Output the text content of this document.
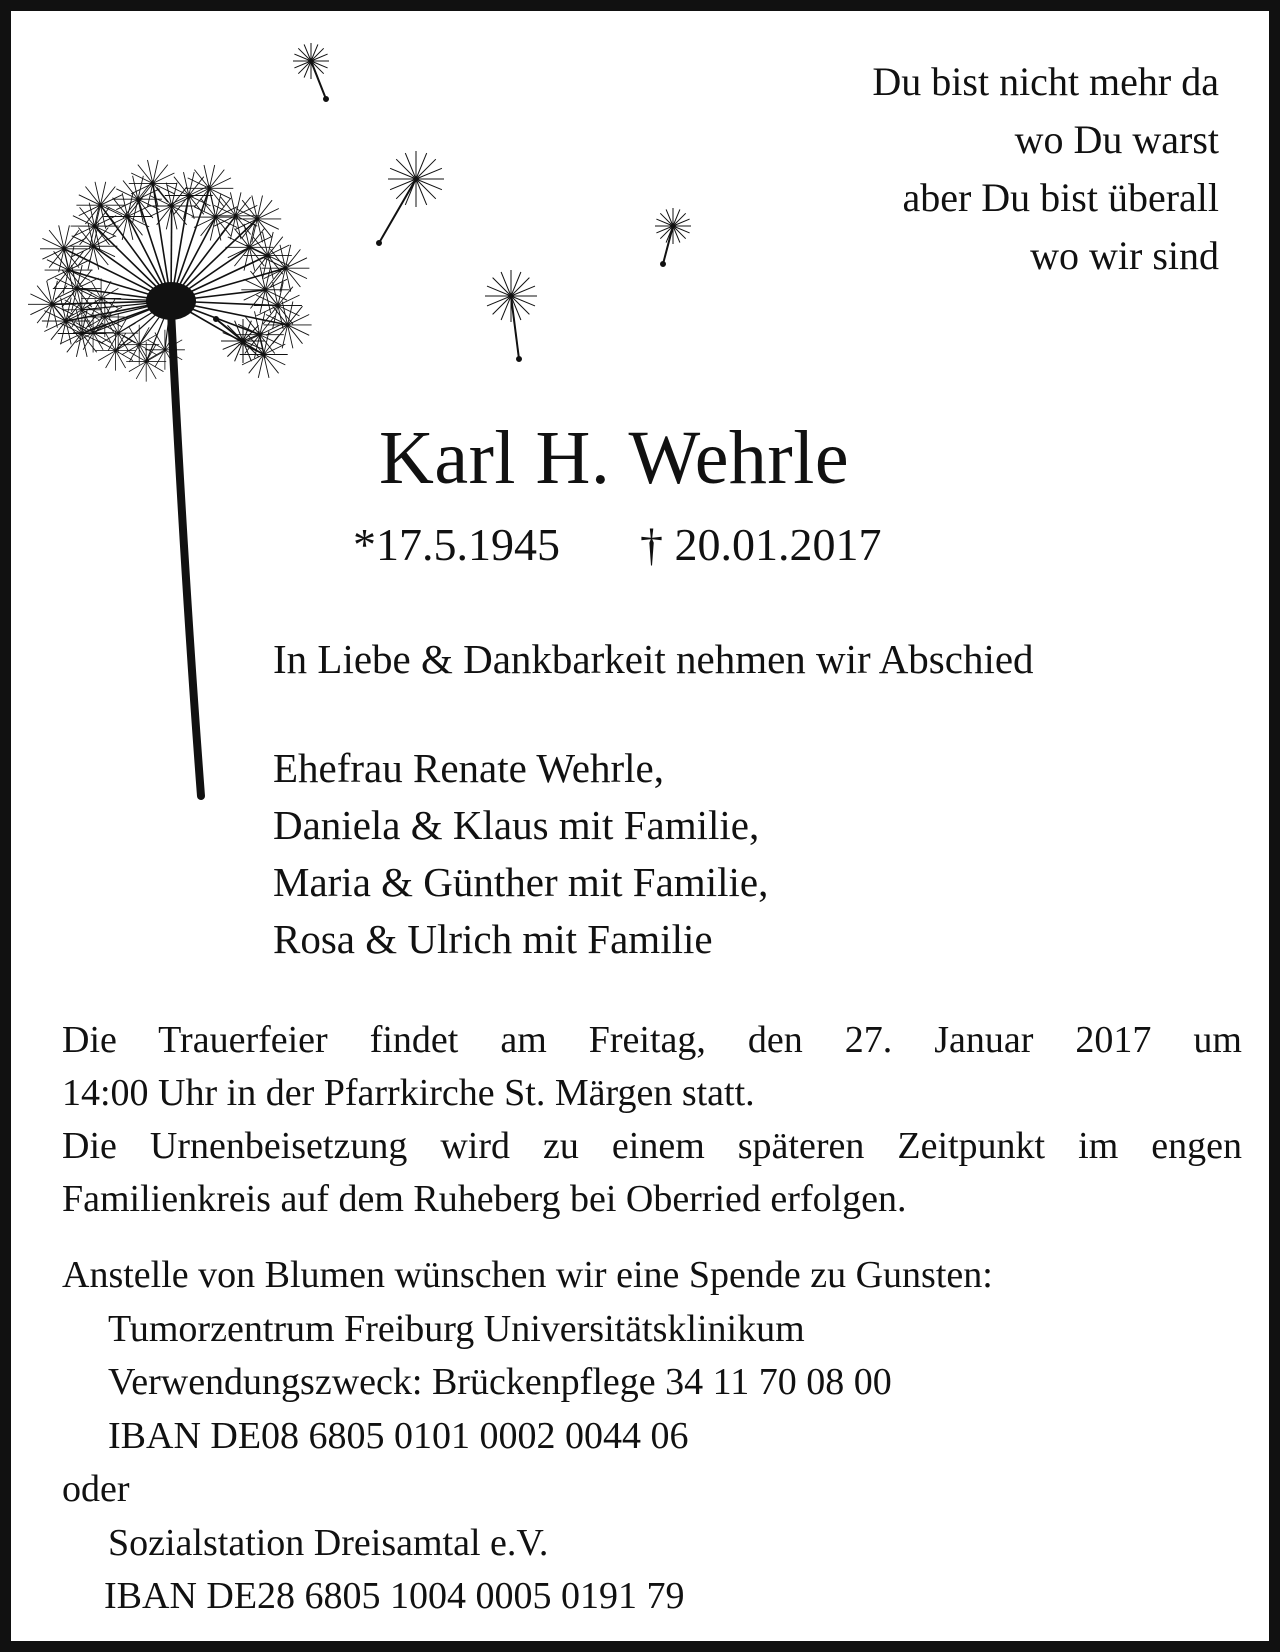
Du bist nicht mehr da
wo Du warst
aber Du bist überall
wo wir sind
Karl H. Wehrle
*17.5.1945 † 20.01.2017
In Liebe & Dankbarkeit nehmen wir Abschied
Ehefrau Renate Wehrle,
Daniela & Klaus mit Familie,
Maria & Günther mit Familie,
Rosa & Ulrich mit Familie
Die Trauerfeier findet am Freitag, den 27. Januar 2017 um
14:00 Uhr in der Pfarrkirche St. Märgen statt.
Die Urnenbeisetzung wird zu einem späteren Zeitpunkt im engen
Familienkreis auf dem Ruheberg bei Oberried erfolgen.
Anstelle von Blumen wünschen wir eine Spende zu Gunsten:
Tumorzentrum Freiburg Universitätsklinikum
Verwendungszweck: Brückenpflege 34 11 70 08 00
IBAN DE08 6805 0101 0002 0044 06
oder
Sozialstation Dreisamtal e.V.
IBAN DE28 6805 1004 0005 0191 79
